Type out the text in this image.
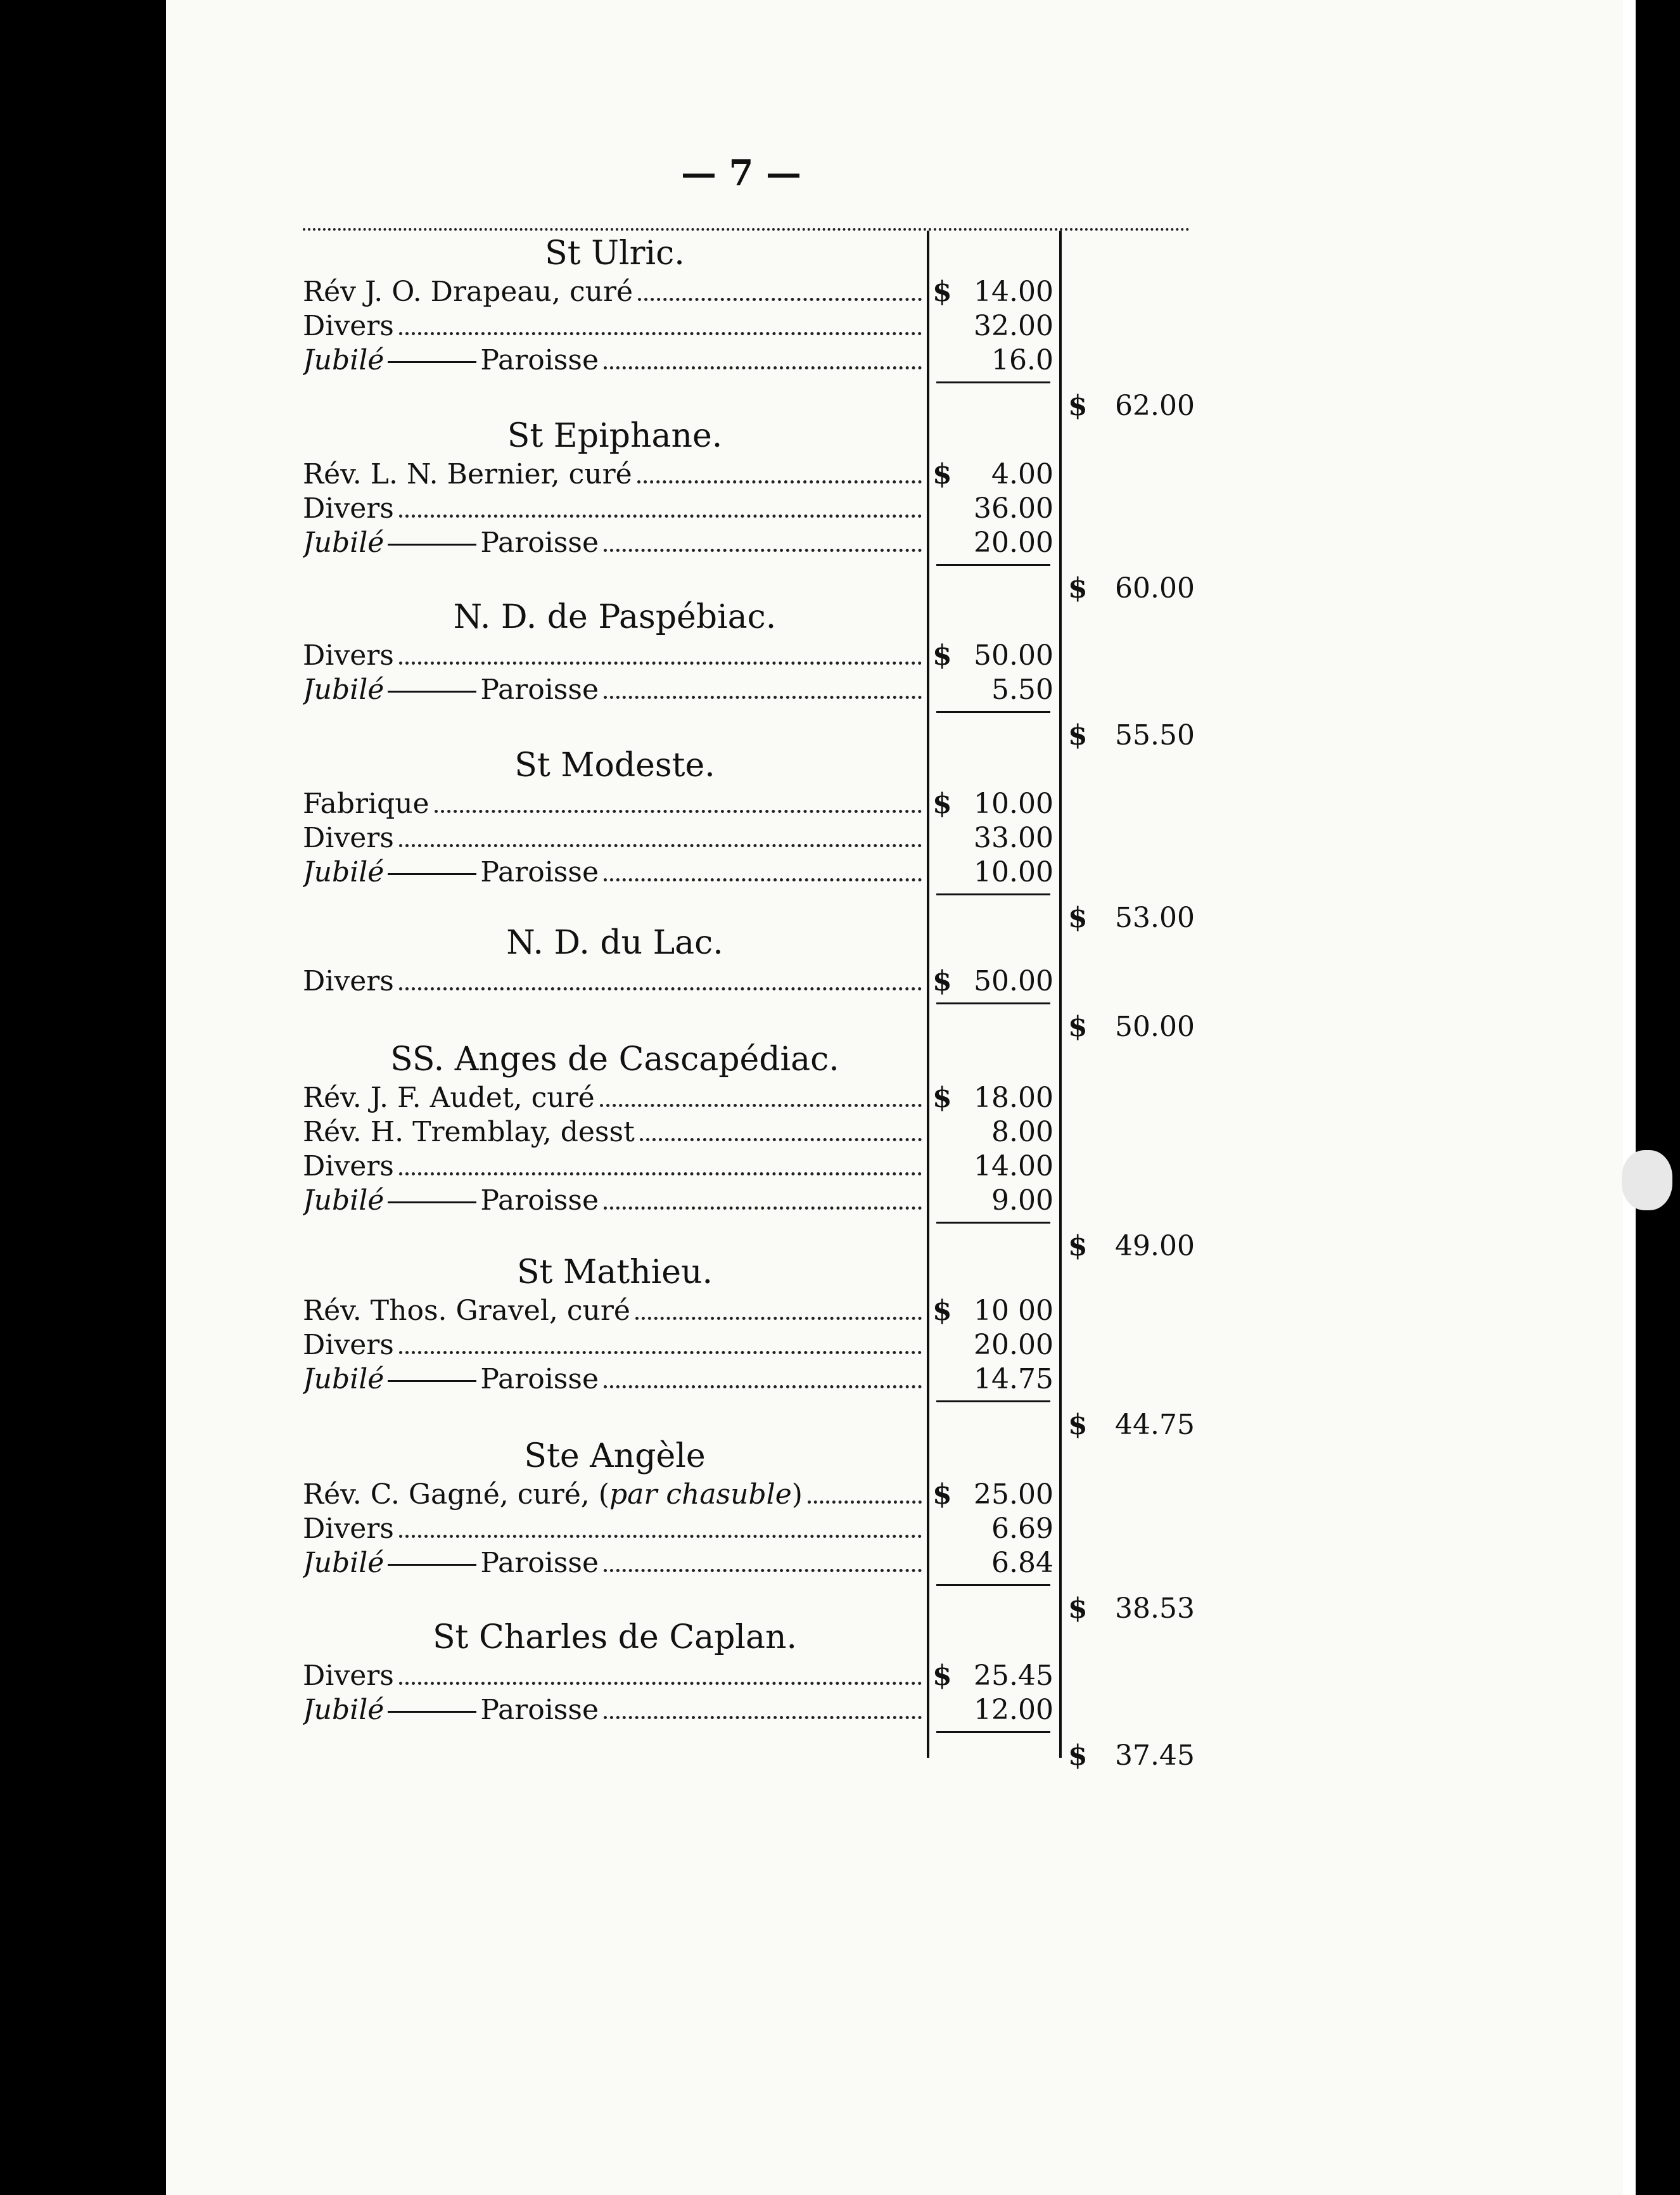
— 7 —
St Ulric.
Rév J. O. Drapeau, curé	$ 14.00
Divers	32.00
Jubilé	Paroisse	16.0
$ 62.00
St Epiphane.
Rév. L. N. Bernier, curé	$ 4.00
Divers	36.00
Jubilé	Paroisse	20.00
$ 60.00
N. D. de Paspébiac.
Divers	$ 50.00
Jubilé	Paroisse	5.50
$ 55.50
St Modeste.
Fabrique	$ 10.00
Divers	33.00
Jubilé	Paroisse	10.00
$ 53.00
N. D. du Lac.
Divers	$ 50.00
$ 50.00
SS. Anges de Cascapédiac.
Rév. J. F. Audet, curé	$ 18.00
Rév. H. Tremblay, desst	8.00
Divers	14.00
Jubilé	Paroisse	9.00
$ 49.00
St Mathieu.
Rév. Thos. Gravel, curé	$ 10 00
Divers	20.00
Jubilé	Paroisse	14.75
$ 44.75
Ste Angèle
Rév. C. Gagné, curé, (par chasuble)	$ 25.00
Divers	6.69
Jubilé	Paroisse	6.84
$ 38.53
St Charles de Caplan.
Divers	$ 25.45
Jubilé	Paroisse	12.00
$ 37.45
